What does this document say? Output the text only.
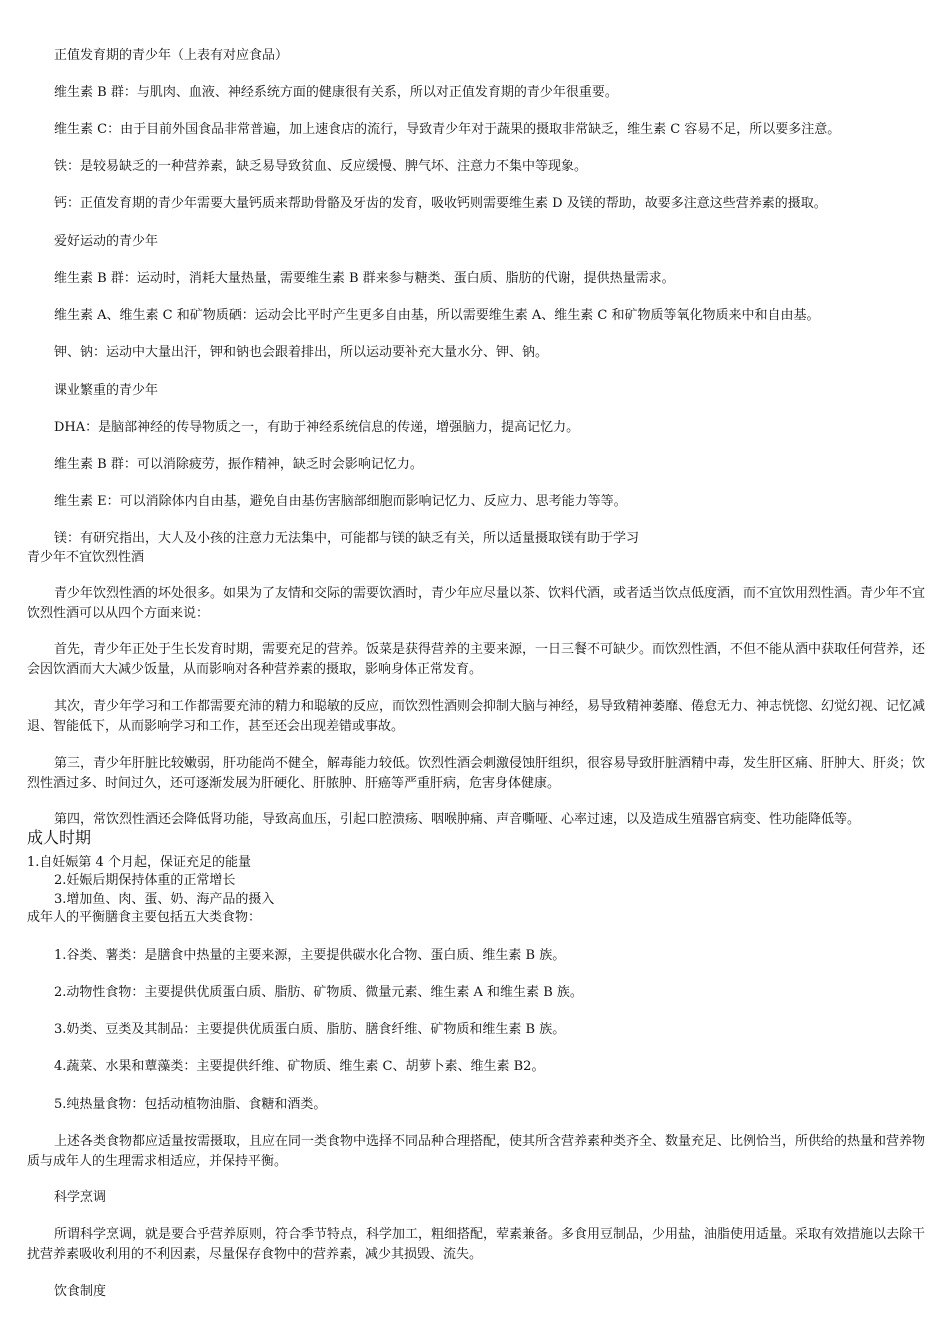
正值发育期的青少年（上表有对应食品）
维生素 B 群：与肌肉、血液、神经系统方面的健康很有关系，所以对正值发育期的青少年很重要。
维生素 C：由于目前外国食品非常普遍，加上速食店的流行，导致青少年对于蔬果的摄取非常缺乏，维生素 C 容易不足，所以要多注意。
铁：是较易缺乏的一种营养素，缺乏易导致贫血、反应缓慢、脾气坏、注意力不集中等现象。
钙：正值发育期的青少年需要大量钙质来帮助骨骼及牙齿的发育，吸收钙则需要维生素 D 及镁的帮助，故要多注意这些营养素的摄取。
爱好运动的青少年
维生素 B 群：运动时，消耗大量热量，需要维生素 B 群来参与糖类、蛋白质、脂肪的代谢，提供热量需求。
维生素 A、维生素 C 和矿物质硒：运动会比平时产生更多自由基，所以需要维生素 A、维生素 C 和矿物质等氧化物质来中和自由基。
钾、钠：运动中大量出汗，钾和钠也会跟着排出，所以运动要补充大量水分、钾、钠。
课业繁重的青少年
DHA：是脑部神经的传导物质之一，有助于神经系统信息的传递，增强脑力，提高记忆力。
维生素 B 群：可以消除疲劳，振作精神，缺乏时会影响记忆力。
维生素 E：可以消除体内自由基，避免自由基伤害脑部细胞而影响记忆力、反应力、思考能力等等。
镁：有研究指出，大人及小孩的注意力无法集中，可能都与镁的缺乏有关，所以适量摄取镁有助于学习
青少年不宜饮烈性酒
青少年饮烈性酒的坏处很多。如果为了友情和交际的需要饮酒时，青少年应尽量以茶、饮料代酒，或者适当饮点低度酒，而不宜饮用烈性酒。青少年不宜饮烈性酒可以从四个方面来说：
首先，青少年正处于生长发育时期，需要充足的营养。饭菜是获得营养的主要来源，一日三餐不可缺少。而饮烈性酒，不但不能从酒中获取任何营养，还会因饮酒而大大减少饭量，从而影响对各种营养素的摄取，影响身体正常发育。
其次，青少年学习和工作都需要充沛的精力和聪敏的反应，而饮烈性酒则会抑制大脑与神经，易导致精神萎靡、倦怠无力、神志恍惚、幻觉幻视、记忆减退、智能低下，从而影响学习和工作，甚至还会出现差错或事故。
第三，青少年肝脏比较嫩弱，肝功能尚不健全，解毒能力较低。饮烈性酒会刺激侵蚀肝组织，很容易导致肝脏酒精中毒，发生肝区痛、肝肿大、肝炎；饮烈性酒过多、时间过久，还可逐渐发展为肝硬化、肝脓肿、肝癌等严重肝病，危害身体健康。
第四，常饮烈性酒还会降低肾功能，导致高血压，引起口腔溃疡、咽喉肿痛、声音嘶哑、心率过速，以及造成生殖器官病变、性功能降低等。
成人时期
1.自妊娠第 4 个月起，保证充足的能量
2.妊娠后期保持体重的正常增长
3.增加鱼、肉、蛋、奶、海产品的摄入
成年人的平衡膳食主要包括五大类食物：
1.谷类、薯类：是膳食中热量的主要来源，主要提供碳水化合物、蛋白质、维生素 B 族。
2.动物性食物：主要提供优质蛋白质、脂肪、矿物质、微量元素、维生素 A 和维生素 B 族。
3.奶类、豆类及其制品：主要提供优质蛋白质、脂肪、膳食纤维、矿物质和维生素 B 族。
4.蔬菜、水果和蕈藻类：主要提供纤维、矿物质、维生素 C、胡萝卜素、维生素 B2。
5.纯热量食物：包括动植物油脂、食糖和酒类。
上述各类食物都应适量按需摄取，且应在同一类食物中选择不同品种合理搭配，使其所含营养素种类齐全、数量充足、比例恰当，所供给的热量和营养物质与成年人的生理需求相适应，并保持平衡。
科学烹调
所谓科学烹调，就是要合乎营养原则，符合季节特点，科学加工，粗细搭配，荤素兼备。多食用豆制品，少用盐，油脂使用适量。采取有效措施以去除干扰营养素吸收利用的不利因素，尽量保存食物中的营养素，减少其损毁、流失。
饮食制度
